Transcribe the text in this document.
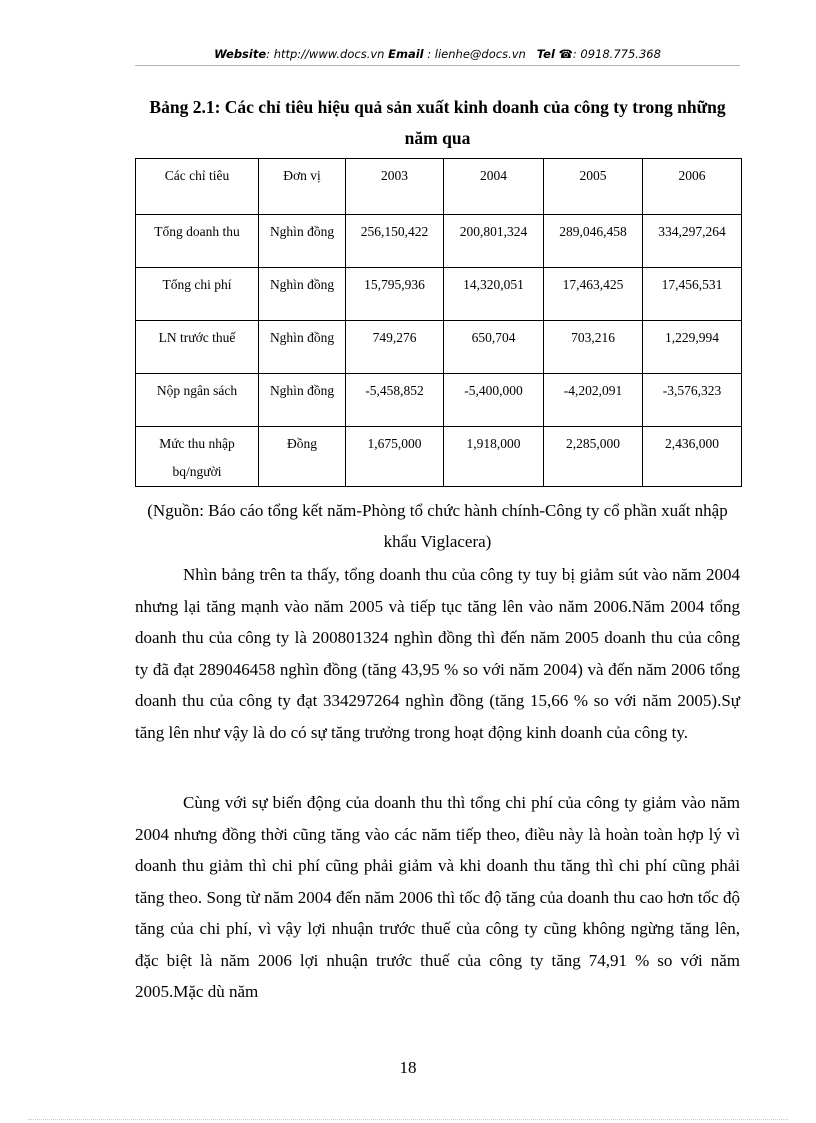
Website: http://www.docs.vn Email : lienhe@docs.vn Tel ☎: 0918.775.368
Bảng 2.1: Các chỉ tiêu hiệu quả sản xuất kinh doanh của công ty trong những năm qua
Các chỉ tiêu	Đơn vị	2003	2004	2005	2006
Tổng doanh thu	Nghìn đồng	256,150,422	200,801,324	289,046,458	334,297,264
Tổng chi phí	Nghìn đồng	15,795,936	14,320,051	17,463,425	17,456,531
LN trước thuế	Nghìn đồng	749,276	650,704	703,216	1,229,994
Nộp ngân sách	Nghìn đồng	-5,458,852	-5,400,000	-4,202,091	-3,576,323
Mức thu nhập bq/người	Đồng	1,675,000	1,918,000	2,285,000	2,436,000
(Nguồn: Báo cáo tổng kết năm-Phòng tổ chức hành chính-Công ty cổ phần xuất nhập khẩu Viglacera)

Nhìn bảng trên ta thấy, tổng doanh thu của công ty tuy bị giảm sút vào năm 2004 nhưng lại tăng mạnh vào năm 2005 và tiếp tục tăng lên vào năm 2006.Năm 2004 tổng doanh thu của công ty là 200801324 nghìn đồng thì đến năm 2005 doanh thu của công ty đã đạt 289046458 nghìn đồng (tăng 43,95 % so với năm 2004) và đến năm 2006 tổng doanh thu của công ty đạt 334297264 nghìn đồng (tăng 15,66 % so với năm 2005).Sự tăng lên như vậy là do có sự tăng trưởng trong hoạt động kinh doanh của công ty.

Cùng với sự biến động của doanh thu thì tổng chi phí của công ty giảm vào năm 2004 nhưng đồng thời cũng tăng vào các năm tiếp theo, điều này là hoàn toàn hợp lý vì doanh thu giảm thì chi phí cũng phải giảm và khi doanh thu tăng thì chi phí cũng phải tăng theo. Song từ năm 2004 đến năm 2006 thì tốc độ tăng của doanh thu cao hơn tốc độ tăng của chi phí, vì vậy lợi nhuận trước thuế của công ty cũng không ngừng tăng lên, đặc biệt là năm 2006 lợi nhuận trước thuế của công ty tăng 74,91 % so với năm 2005.Mặc dù năm

18
